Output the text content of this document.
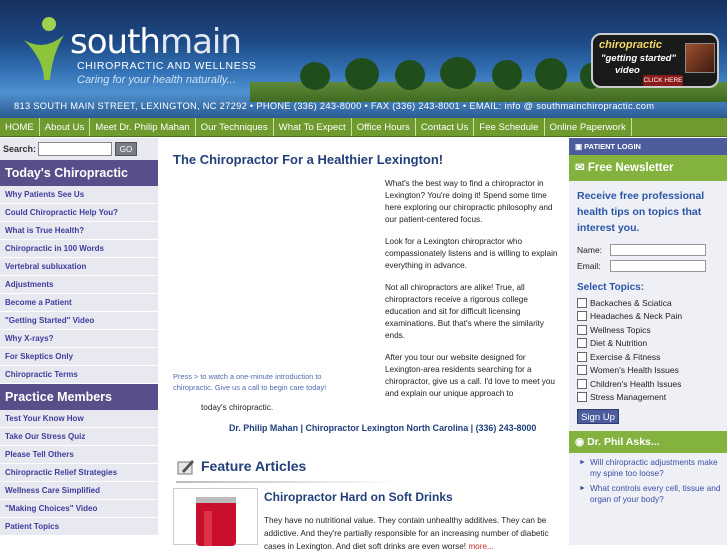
southmain
CHIROPRACTIC AND WELLNESS
Caring for your health naturally...
chiropractic
"getting started"
video
CLICK HERE
813 SOUTH MAIN STREET, LEXINGTON, NC 27292 • PHONE (336) 243-8000 • FAX (336) 243-8001 • EMAIL: info @ southmainchiropractic.com
HOME	About Us	Meet Dr. Philip Mahan	Our Techniques	What To Expect	Office Hours	Contact Us	Fee Schedule	Online Paperwork
Search:	GO
Today's Chiropractic
Why Patients See Us
Could Chiropractic Help You?
What is True Health?
Chiropractic in 100 Words
Vertebral subluxation
Adjustments
Become a Patient
"Getting Started" Video
Why X-rays?
For Skeptics Only
Chiropractic Terms
Practice Members
Test Your Know How
Take Our Stress Quiz
Please Tell Others
Chiropractic Relief Strategies
Wellness Care Simplified
"Making Choices" Video
Patient Topics
The Chiropractor For a Healthier Lexington!
Press > to watch a one-minute introduction to chiropractic. Give us a call to begin care today!

What's the best way to find a chiropractor in Lexington? You're doing it! Spend some time here exploring our chiropractic philosophy and our patient-centered focus.

Look for a Lexington chiropractor who compassionately listens and is willing to explain everything in advance.

Not all chiropractors are alike! True, all chiropractors receive a rigorous college education and sit for difficult licensing examinations. But that's where the similarity ends.

After you tour our website designed for Lexington-area residents searching for a chiropractor, give us a call. I'd love to meet you and explain our unique approach to

today's chiropractic.
Dr. Philip Mahan | Chiropractor Lexington North Carolina | (336) 243-8000
Feature Articles
Chiropractor Hard on Soft Drinks
They have no nutritional value. They contain unhealthy additives. They can be addictive. And they're partially responsible for an increasing number of diabetic cases in Lexington. And diet soft drinks are even worse! more...
▣ PATIENT LOGIN
✉ Free Newsletter
Receive free professional health tips on topics that interest you.
Name:
Email:
Select Topics:
Backaches & Sciatica
Headaches & Neck Pain
Wellness Topics
Diet & Nutrition
Exercise & Fitness
Women's Health Issues
Children's Health Issues
Stress Management
Sign Up
◉ Dr. Phil Asks...
► Will chiropractic adjustments make my spine too loose?
► What controls every cell, tissue and organ of your body?
